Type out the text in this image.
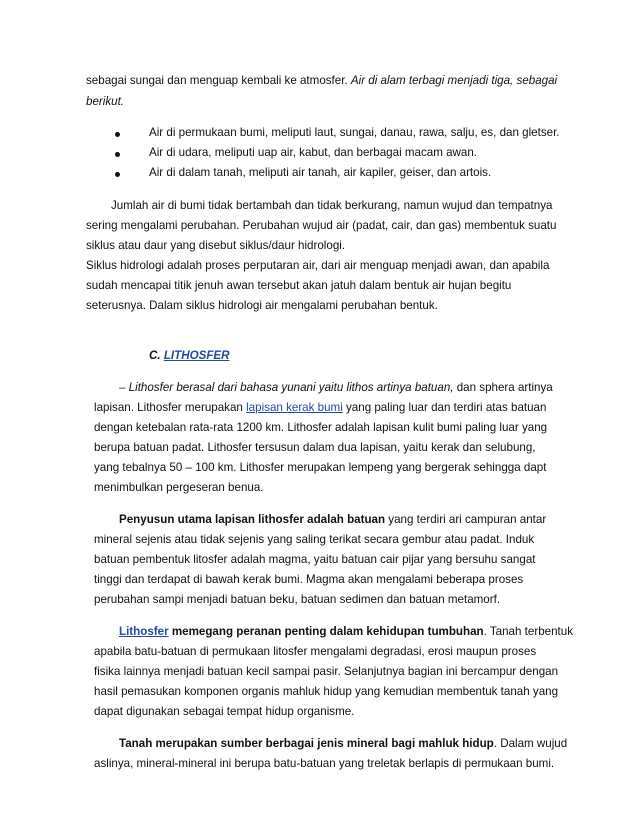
sebagai sungai dan menguap kembali ke atmosfer. Air di alam terbagi menjadi tiga, sebagai
berikut.
Air di permukaan bumi, meliputi laut, sungai, danau, rawa, salju, es, dan gletser.
Air di udara, meliputi uap air, kabut, dan berbagai macam awan.
Air di dalam tanah, meliputi air tanah, air kapiler, geiser, dan artois.
Jumlah air di bumi tidak bertambah dan tidak berkurang, namun wujud dan tempatnya
sering mengalami perubahan. Perubahan wujud air (padat, cair, dan gas) membentuk suatu
siklus atau daur yang disebut siklus/daur hidrologi.
Siklus hidrologi adalah proses perputaran air, dari air menguap menjadi awan, dan apabila
sudah mencapai titik jenuh awan tersebut akan jatuh dalam bentuk air hujan begitu
seterusnya. Dalam siklus hidrologi air mengalami perubahan bentuk.
C. LITHOSFER
– Lithosfer berasal dari bahasa yunani yaitu lithos artinya batuan, dan sphera artinya
lapisan. Lithosfer merupakan lapisan kerak bumi yang paling luar dan terdiri atas batuan
dengan ketebalan rata-rata 1200 km. Lithosfer adalah lapisan kulit bumi paling luar yang
berupa batuan padat. Lithosfer tersusun dalam dua lapisan, yaitu kerak dan selubung,
yang tebalnya 50 – 100 km. Lithosfer merupakan lempeng yang bergerak sehingga dapt
menimbulkan pergeseran benua.
Penyusun utama lapisan lithosfer adalah batuan yang terdiri ari campuran antar
mineral sejenis atau tidak sejenis yang saling terikat secara gembur atau padat. Induk
batuan pembentuk litosfer adalah magma, yaitu batuan cair pijar yang bersuhu sangat
tinggi dan terdapat di bawah kerak bumi. Magma akan mengalami beberapa proses
perubahan sampi menjadi batuan beku, batuan sedimen dan batuan metamorf.
Lithosfer memegang peranan penting dalam kehidupan tumbuhan. Tanah terbentuk
apabila batu-batuan di permukaan litosfer mengalami degradasi, erosi maupun proses
fisika lainnya menjadi batuan kecil sampai pasir. Selanjutnya bagian ini bercampur dengan
hasil pemasukan komponen organis mahluk hidup yang kemudian membentuk tanah yang
dapat digunakan sebagai tempat hidup organisme.
Tanah merupakan sumber berbagai jenis mineral bagi mahluk hidup. Dalam wujud
aslinya, mineral-mineral ini berupa batu-batuan yang treletak berlapis di permukaan bumi.
